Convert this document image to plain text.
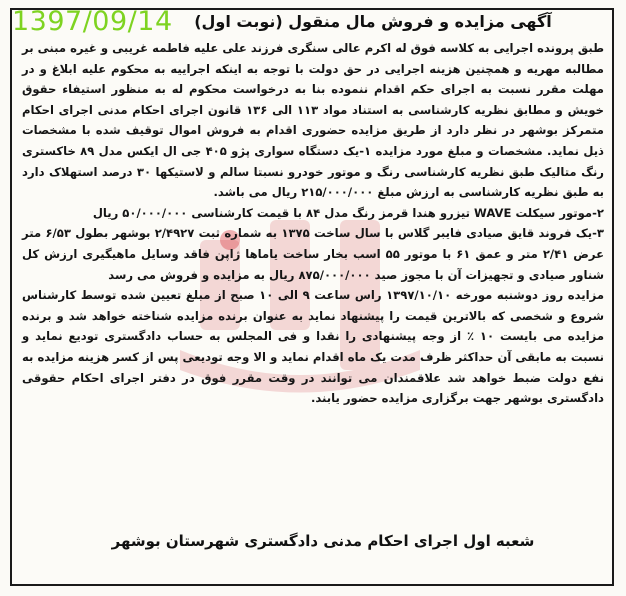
1397/09/14	آگهی مزایده و فروش مال منقول (نوبت اول)

طبق پرونده اجرایی به کلاسه فوق له اکرم عالی سنگری فرزند علی علیه فاطمه غریبی و غیره مبنی بر مطالبه مهریه و همچنین هزینه اجرایی در حق دولت با توجه به اینکه اجراییه به محکوم علیه ابلاغ و در مهلت مقرر نسبت به اجرای حکم اقدام ننموده بنا به درخواست محکوم له به منظور استیفاء حقوق خویش و مطابق نظریه کارشناسی به استناد مواد ۱۱۳ الی ۱۳۶ قانون اجرای احکام مدنی اجرای احکام متمرکز بوشهر در نظر دارد از طریق مزایده حضوری اقدام به فروش اموال توقیف شده با مشخصات ذیل نماید. مشخصات و مبلغ مورد مزایده ۱-یک دستگاه سواری پژو ۴۰۵ جی ال ایکس مدل ۸۹ خاکستری رنگ متالیک طبق نظریه کارشناسی رنگ و موتور خودرو نسبتا سالم و لاستیکها ۳۰ درصد استهلاک دارد به طبق نظریه کارشناسی به ارزش مبلغ ۲۱۵/۰۰۰/۰۰۰ ریال می باشد.

۲-موتور سیکلت WAVE تیزرو هندا قرمز رنگ مدل ۸۴ با قیمت کارشناسی ۵۰/۰۰۰/۰۰۰ ریال

۳-یک فروند قایق صیادی فایبر گلاس با سال ساخت ۱۳۷۵ به شماره ثبت ۲/۴۹۲۷ بوشهر بطول ۶/۵۳ متر عرض ۲/۴۱ متر و عمق ۶۱ با موتور ۵۵ اسب بخار ساخت یاماها ژاپن فاقد وسایل ماهیگیری ارزش کل شناور صیادی و تجهیزات آن با مجوز صید ۸۷۵/۰۰۰/۰۰۰ ریال به مزایده و فروش می رسد

مزایده روز دوشنبه مورخه ۱۳۹۷/۱۰/۱۰ راس ساعت ۹ الی ۱۰ صبح از مبلغ تعیین شده توسط کارشناس شروع و شخصی که بالاترین قیمت را پیشنهاد نماید به عنوان برنده مزایده شناخته خواهد شد و برنده مزایده می بایست ۱۰ ٪ از وجه پیشنهادی را نقدا و فی المجلس به حساب دادگستری تودیع نماید و نسبت به مابقی آن حداکثر ظرف مدت یک ماه اقدام نماید و الا وجه تودیعی پس از کسر هزینه مزایده به نفع دولت ضبط خواهد شد علاقمندان می توانند در وقت مقرر فوق در دفتر اجرای احکام حقوقی دادگستری بوشهر جهت برگزاری مزایده حضور یابند.

شعبه اول اجرای احکام مدنی دادگستری شهرستان بوشهر
